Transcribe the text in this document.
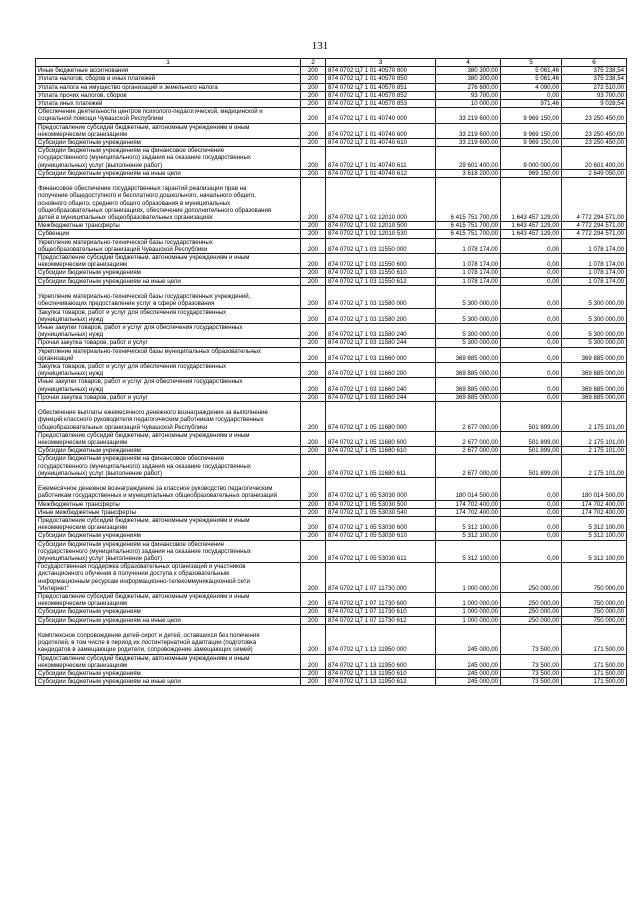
131
1	2	3	4	5	6
Иные бюджетные ассигнования	200	874 0702 Ц7 1 01 40570 800	380 300,00	5 061,46	375 238,54
Уплата налогов, сборов и иных платежей	200	874 0702 Ц7 1 01 40570 850	380 300,00	5 061,46	375 238,54
Уплата налога на имущество организаций и земельного налога	200	874 0702 Ц7 1 01 40570 851	276 600,00	4 090,00	272 510,00
Уплата прочих налогов, сборов	200	874 0702 Ц7 1 01 40570 852	93 700,00	0,00	93 700,00
Уплата иных платежей	200	874 0702 Ц7 1 01 40570 853	10 000,00	971,46	9 028,54
Обеспечение деятельности центров психолого-педагогической, медицинской и
социальной помощи Чувашской Республики	200	874 0702 Ц7 1 01 40740 000	33 219 600,00	9 969 150,00	23 250 450,00
Предоставление субсидий бюджетным, автономным учреждениям и иным
некоммерческим организациям	200	874 0702 Ц7 1 01 40740 600	33 219 600,00	9 969 150,00	23 250 450,00
Субсидии бюджетным учреждениям	200	874 0702 Ц7 1 01 40740 610	33 219 600,00	9 969 150,00	23 250 450,00
Субсидии бюджетным учреждениям на финансовое обеспечение
государственного (муниципального) задания на оказание государственных
(муниципальных) услуг (выполнение работ)	200	874 0702 Ц7 1 01 40740 611	29 601 400,00	9 000 000,00	20 601 400,00
Субсидии бюджетным учреждениям на иные цели	200	874 0702 Ц7 1 01 40740 612	3 618 200,00	969 150,00	2 649 050,00

Финансовое обеспечение государственных гарантий реализации прав на
получение общедоступного и бесплатного дошкольного, начального общего,
основного общего, среднего общего образования в муниципальных
общеобразовательных организациях, обеспечение дополнительного образования
детей в муниципальных общеобразовательных организациях	200	874 0702 Ц7 1 02 12010 000	6 415 751 700,00	1 643 457 129,00	4 772 294 571,00
Межбюджетные трансферты	200	874 0702 Ц7 1 02 12010 500	6 415 751 700,00	1 643 457 129,00	4 772 294 571,00
Субвенции	200	874 0702 Ц7 1 02 12010 530	6 415 751 700,00	1 643 457 129,00	4 772 294 571,00
Укрепление материально-технической базы государственных
общеобразовательных организаций Чувашской Республики	200	874 0702 Ц7 1 03 11550 000	1 078 174,00	0,00	1 078 174,00
Предоставление субсидий бюджетным, автономным учреждениям и иным
некоммерческим организациям	200	874 0702 Ц7 1 03 11550 600	1 078 174,00	0,00	1 078 174,00
Субсидии бюджетным учреждениям	200	874 0702 Ц7 1 03 11550 610	1 078 174,00	0,00	1 078 174,00
Субсидии бюджетным учреждениям на иные цели	200	874 0702 Ц7 1 03 11550 612	1 078 174,00	0,00	1 078 174,00

Укрепление материально-технической базы государственных учреждений,
обеспечивающих предоставление услуг в сфере образования	200	874 0702 Ц7 1 03 11580 000	5 300 000,00	0,00	5 300 000,00
Закупка товаров, работ и услуг для обеспечения государственных
(муниципальных) нужд	200	874 0702 Ц7 1 03 11580 200	5 300 000,00	0,00	5 300 000,00
Иные закупки товаров, работ и услуг для обеспечения государственных
(муниципальных) нужд	200	874 0702 Ц7 1 03 11580 240	5 300 000,00	0,00	5 300 000,00
Прочая закупка товаров, работ и услуг	200	874 0702 Ц7 1 03 11580 244	5 300 000,00	0,00	5 300 000,00
Укрепление материально-технической базы муниципальных образовательных
организаций	200	874 0702 Ц7 1 03 11660 000	369 885 000,00	0,00	369 885 000,00
Закупка товаров, работ и услуг для обеспечения государственных
(муниципальных) нужд	200	874 0702 Ц7 1 03 11660 200	369 885 000,00	0,00	369 885 000,00
Иные закупки товаров, работ и услуг для обеспечения государственных
(муниципальных) нужд	200	874 0702 Ц7 1 03 11660 240	369 885 000,00	0,00	369 885 000,00
Прочая закупка товаров, работ и услуг	200	874 0702 Ц7 1 03 11660 244	369 885 000,00	0,00	369 885 000,00

Обеспечение выплаты ежемесячного денежного вознаграждения за выполнение
функций классного руководителя педагогическим работникам государственных
общеобразовательных организаций Чувашской Республики	200	874 0702 Ц7 1 05 11680 000	2 677 000,00	501 899,00	2 175 101,00
Предоставление субсидий бюджетным, автономным учреждениям и иным
некоммерческим организациям	200	874 0702 Ц7 1 05 11680 600	2 677 000,00	501 899,00	2 175 101,00
Субсидии бюджетным учреждениям	200	874 0702 Ц7 1 05 11680 610	2 677 000,00	501 899,00	2 175 101,00
Субсидии бюджетным учреждениям на финансовое обеспечение
государственного (муниципального) задания на оказание государственных
(муниципальных) услуг (выполнение работ)	200	874 0702 Ц7 1 05 11680 611	2 677 000,00	501 899,00	2 175 101,00

Ежемесячное денежное вознаграждение за классное руководство педагогическим
работникам государственных и муниципальных общеобразовательных организаций	200	874 0702 Ц7 1 05 53030 000	180 014 500,00	0,00	180 014 500,00
Межбюджетные трансферты	200	874 0702 Ц7 1 05 53030 500	174 702 400,00	0,00	174 702 400,00
Иные межбюджетные трансферты	200	874 0702 Ц7 1 05 53030 540	174 702 400,00	0,00	174 702 400,00
Предоставление субсидий бюджетным, автономным учреждениям и иным
некоммерческим организациям	200	874 0702 Ц7 1 05 53030 600	5 312 100,00	0,00	5 312 100,00
Субсидии бюджетным учреждениям	200	874 0702 Ц7 1 05 53030 610	5 312 100,00	0,00	5 312 100,00
Субсидии бюджетным учреждениям на финансовое обеспечение
государственного (муниципального) задания на оказание государственных
(муниципальных) услуг (выполнение работ)	200	874 0702 Ц7 1 05 53030 611	5 312 100,00	0,00	5 312 100,00
Государственная поддержка образовательных организаций и участников
дистанционного обучения в получении доступа к образовательным
информационным ресурсам информационно-телекоммуникационной сети
"Интернет"	200	874 0702 Ц7 1 07 11730 000	1 000 000,00	250 000,00	750 000,00
Предоставление субсидий бюджетным, автономным учреждениям и иным
некоммерческим организациям	200	874 0702 Ц7 1 07 11730 600	1 000 000,00	250 000,00	750 000,00
Субсидии бюджетным учреждениям	200	874 0702 Ц7 1 07 11730 610	1 000 000,00	250 000,00	750 000,00
Субсидии бюджетным учреждениям на иные цели	200	874 0702 Ц7 1 07 11730 612	1 000 000,00	250 000,00	750 000,00

Комплексное сопровождение детей-сирот и детей, оставшихся без попечения
родителей, в том числе в период их постинтернатной адаптации (подготовка
кандидатов в замещающие родители, сопровождение замещающих семей)	200	874 0702 Ц7 1 13 11950 000	245 000,00	73 500,00	171 500,00
Предоставление субсидий бюджетным, автономным учреждениям и иным
некоммерческим организациям	200	874 0702 Ц7 1 13 11950 600	245 000,00	73 500,00	171 500,00
Субсидии бюджетным учреждениям	200	874 0702 Ц7 1 13 11950 610	245 000,00	73 500,00	171 500,00
Субсидии бюджетным учреждениям на иные цели	200	874 0702 Ц7 1 13 11950 612	245 000,00	73 500,00	171 500,00
